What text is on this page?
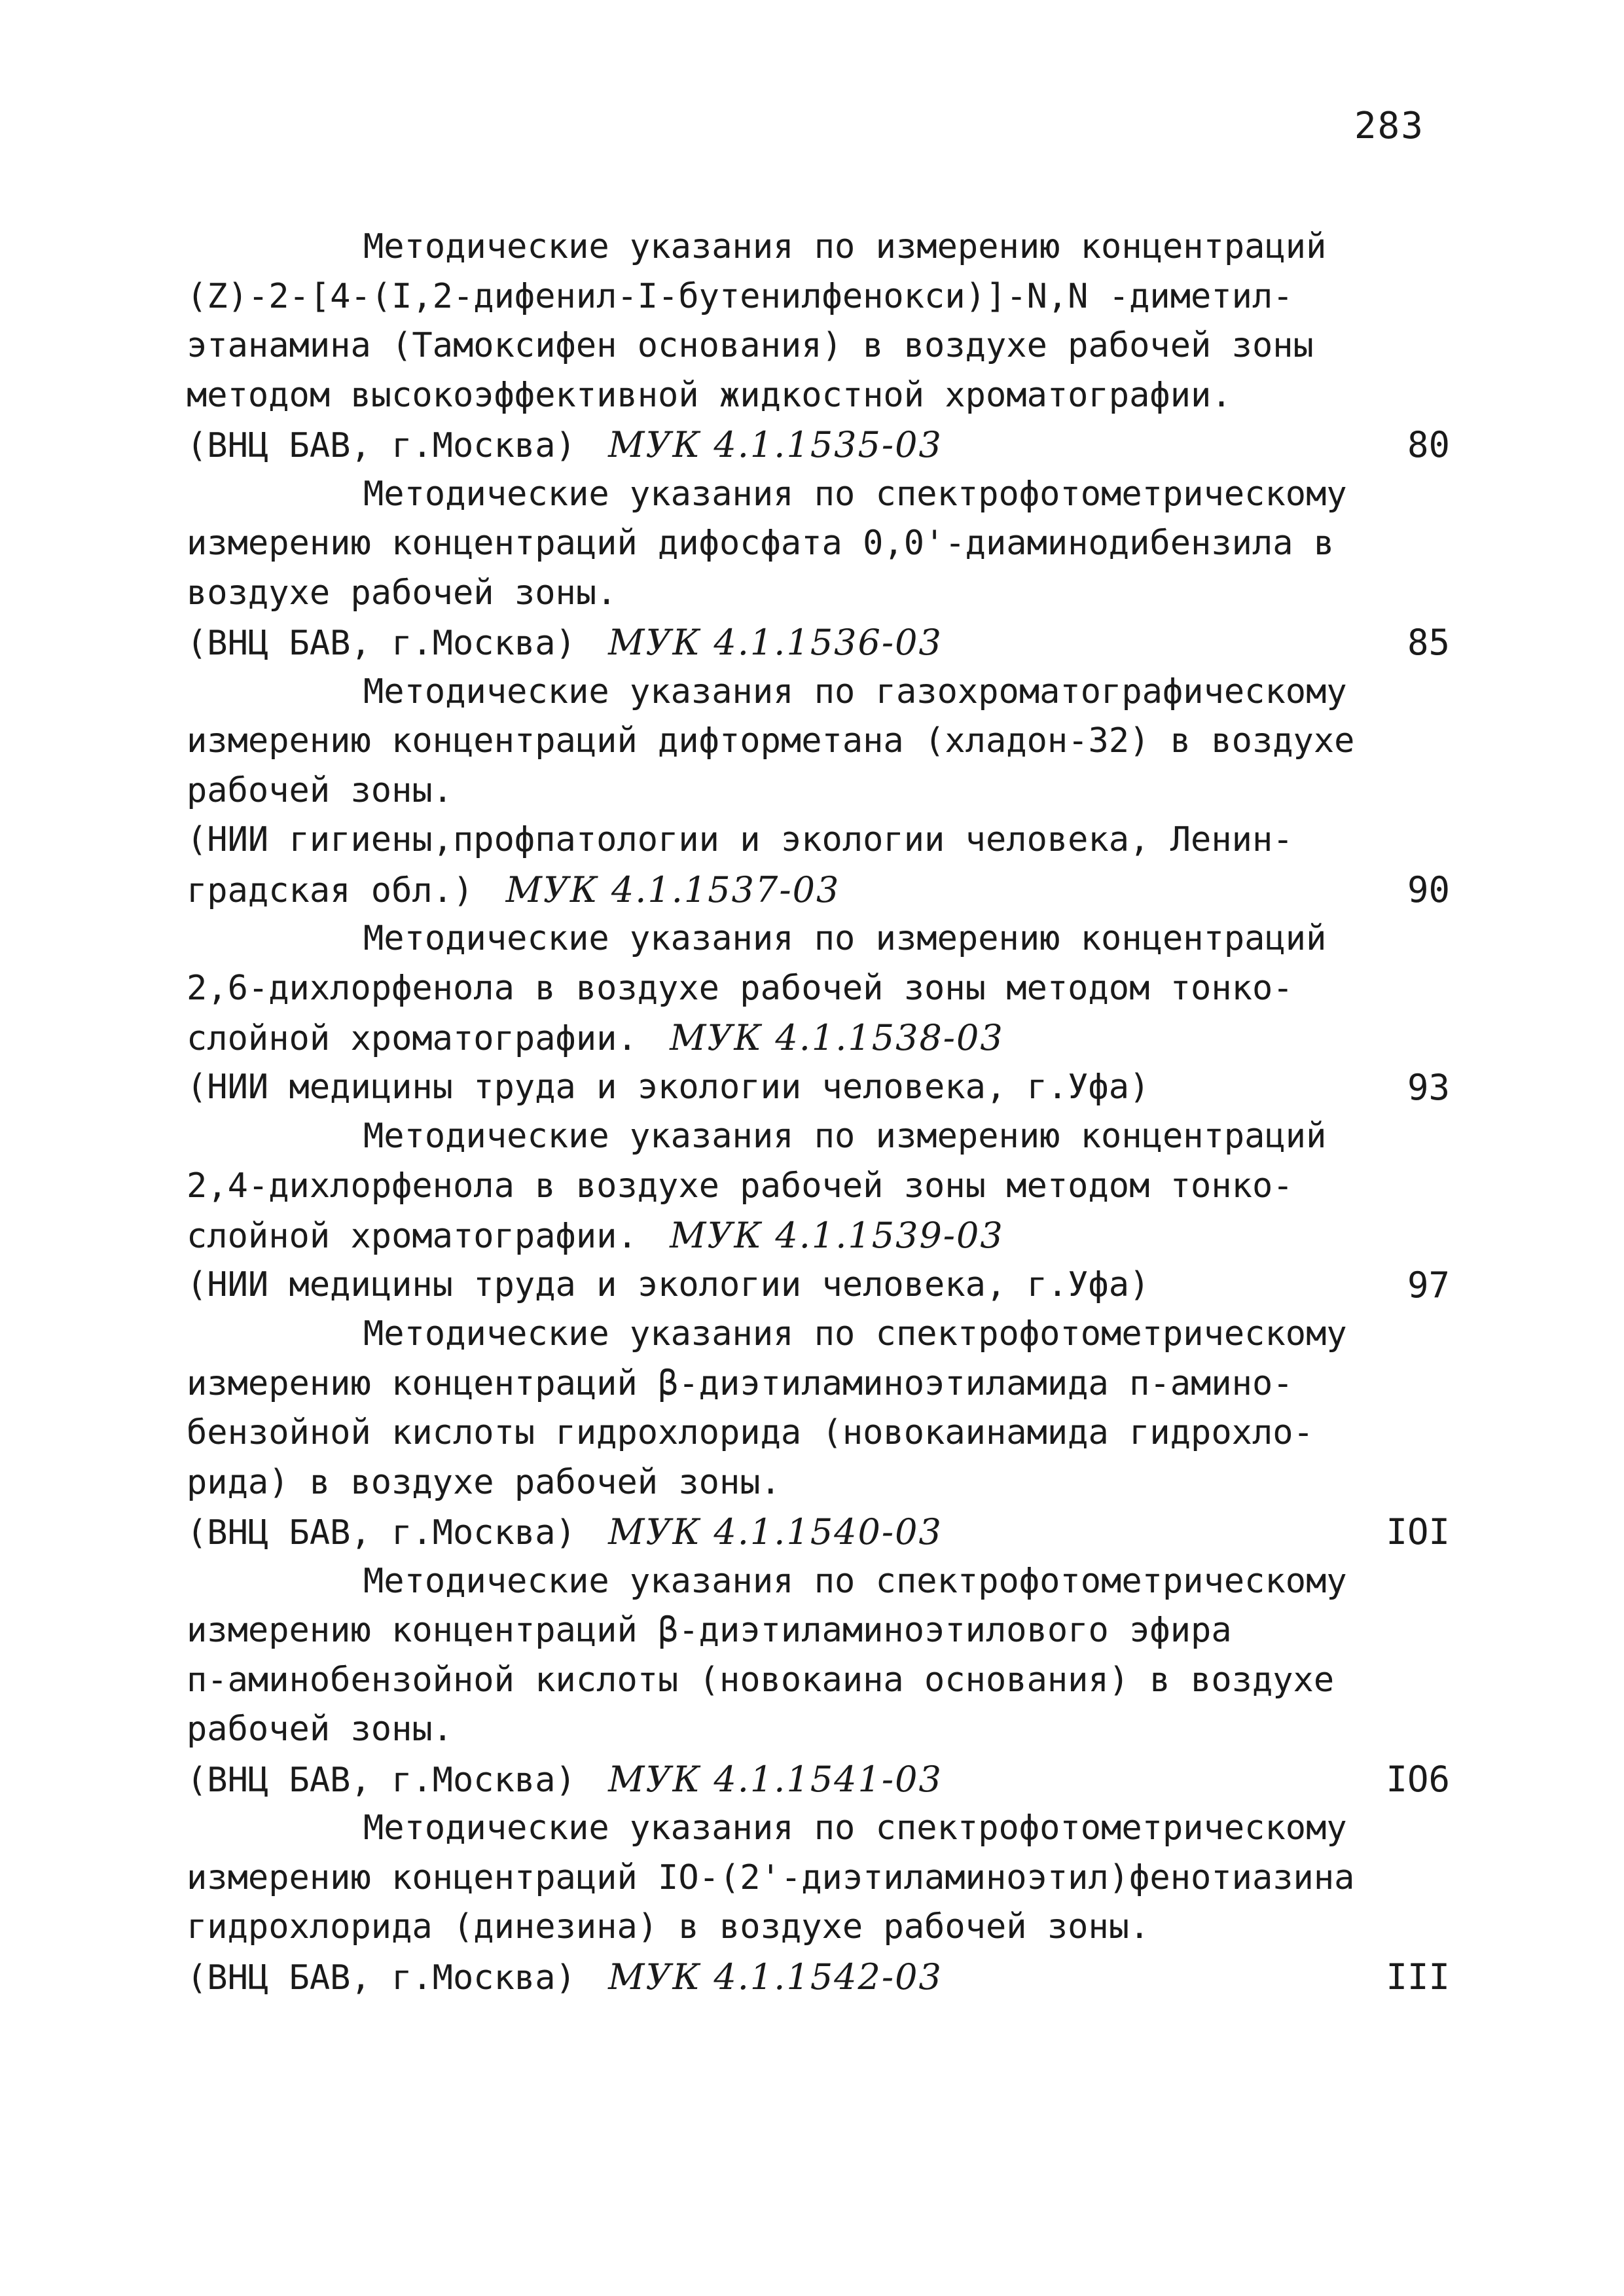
283
Методические указания по измерению концентраций
(Z)-2-[4-(I,2-дифенил-I-бутенилфенокси)]-N,N -диметил-
этанамина (Тамоксифен основания) в воздухе рабочей зоны
методом высокоэффективной жидкостной хроматографии.
(ВНЦ БАВ, г.Москва) МУК 4.1.1535-03	80
Методические указания по спектрофотометрическому
измерению концентраций дифосфата 0,0'-диаминодибензила в
воздухе рабочей зоны.
(ВНЦ БАВ, г.Москва) МУК 4.1.1536-03	85
Методические указания по газохроматографическому
измерению концентраций дифторметана (хладон-32) в воздухе
рабочей зоны.
(НИИ гигиены,профпатологии и экологии человека, Ленин-
градская обл.) МУК 4.1.1537-03	90
Методические указания по измерению концентраций
2,6-дихлорфенола в воздухе рабочей зоны методом тонко-
слойной хроматографии. МУК 4.1.1538-03
(НИИ медицины труда и экологии человека, г.Уфа)	93
Методические указания по измерению концентраций
2,4-дихлорфенола в воздухе рабочей зоны методом тонко-
слойной хроматографии. МУК 4.1.1539-03
(НИИ медицины труда и экологии человека, г.Уфа)	97
Методические указания по спектрофотометрическому
измерению концентраций β-диэтиламиноэтиламида п-амино-
бензойной кислоты гидрохлорида (новокаинамида гидрохло-
рида) в воздухе рабочей зоны.
(ВНЦ БАВ, г.Москва) МУК 4.1.1540-03	IOI
Методические указания по спектрофотометрическому
измерению концентраций β-диэтиламиноэтилового эфира
п-аминобензойной кислоты (новокаина основания) в воздухе
рабочей зоны.
(ВНЦ БАВ, г.Москва) МУК 4.1.1541-03	IO6
Методические указания по спектрофотометрическому
измерению концентраций IO-(2'-диэтиламиноэтил)фенотиазина
гидрохлорида (динезина) в воздухе рабочей зоны.
(ВНЦ БАВ, г.Москва) МУК 4.1.1542-03	III
